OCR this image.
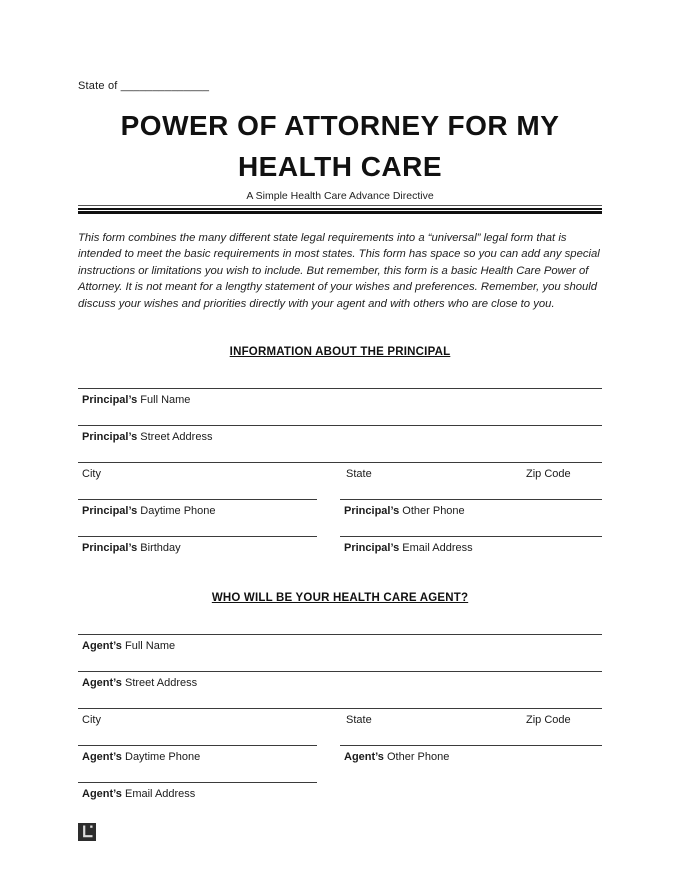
State of ______________
POWER OF ATTORNEY FOR MY
HEALTH CARE
A Simple Health Care Advance Directive
This form combines the many different state legal requirements into a “universal” legal form that is intended to meet the basic requirements in most states. This form has space so you can add any special instructions or limitations you wish to include. But remember, this form is a basic Health Care Power of Attorney. It is not meant for a lengthy statement of your wishes and preferences. Remember, you should discuss your wishes and priorities directly with your agent and with others who are close to you.
INFORMATION ABOUT THE PRINCIPAL
Principal’s Full Name
Principal’s Street Address
City	State	Zip Code
Principal’s Daytime Phone	Principal’s Other Phone
Principal’s Birthday	Principal’s Email Address
WHO WILL BE YOUR HEALTH CARE AGENT?
Agent’s Full Name
Agent’s Street Address
City	State	Zip Code
Agent’s Daytime Phone	Agent’s Other Phone
Agent’s Email Address
